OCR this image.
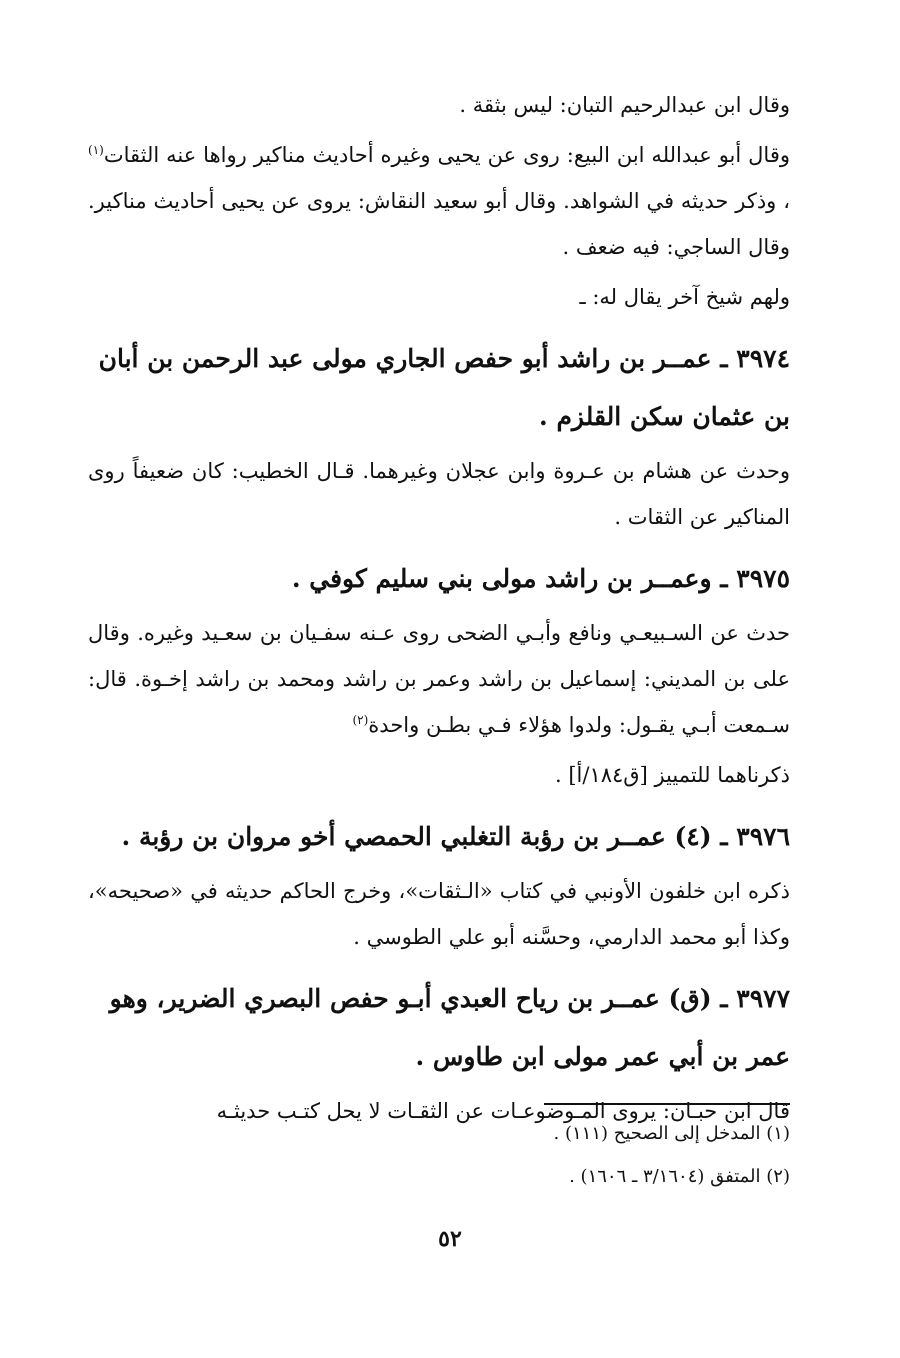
وقال ابن عبدالرحيم التبان: ليس بثقة .

وقال أبو عبدالله ابن البيع: روى عن يحيى وغيره أحاديث مناكير رواها عنه الثقات$^{(١)}$ ، وذكر حديثه في الشواهد. وقال أبو سعيد النقاش: يروى عن يحيى أحاديث مناكير. وقال الساجي: فيه ضعف .

ولهم شيخ آخر يقال له: ـ

٣٩٧٤ ـ عمــر بن راشد أبو حفص الجاري مولى عبد الرحمن بن أبان بن عثمان سكن القلزم .

وحدث عن هشام بن عـروة وابن عجلان وغيرهما. قـال الخطيب: كان ضعيفاً روى المناكير عن الثقات .

٣٩٧٥ ـ وعمــر بن راشد مولى بني سليم كوفي .

حدث عن السـبيعـي ونافع وأبـي الضحى روى عـنه سفـيان بن سعـيد وغيره. وقال على بن المديني: إسماعيل بن راشد وعمر بن راشد ومحمد بن راشد إخـوة. قال: سـمعت أبـي يقـول: ولدوا هؤلاء فـي بطـن واحدة$^{(٢)}$

ذكرناهما للتمييز [ق١٨٤/أ] .

٣٩٧٦ ـ (٤) عمــر بن رؤبة التغلبي الحمصي أخو مروان بن رؤبة .

ذكره ابن خلفون الأونبي في كتاب «الـثقات»، وخرج الحاكم حديثه في «صحيحه»، وكذا أبو محمد الدارمي، وحسَّنه أبو علي الطوسي .

٣٩٧٧ ـ (ق) عمــر بن رياح العبدي أبـو حفص البصري الضرير، وهو عمر بن أبي عمر مولى ابن طاوس .

قال ابن حبـان: يروى المـوضوعـات عن الثقـات لا يحل كتـب حديثـه

(١) المدخل إلى الصحيح (١١١) .

(٢) المتفق (٣/١٦٠٤ ـ ١٦٠٦) .

٥٢
